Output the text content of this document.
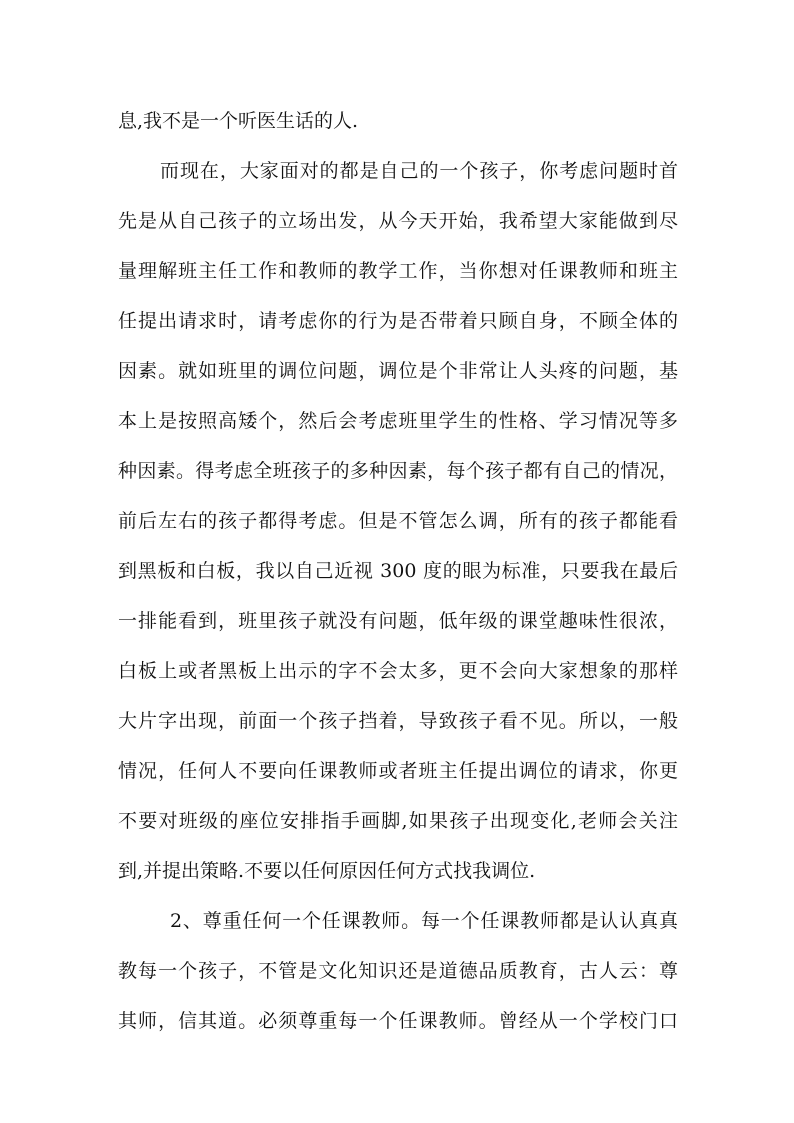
息,我不是一个听医生话的人.
而现在，大家面对的都是自己的一个孩子，你考虑问题时首
先是从自己孩子的立场出发，从今天开始，我希望大家能做到尽
量理解班主任工作和教师的教学工作，当你想对任课教师和班主
任提出请求时，请考虑你的行为是否带着只顾自身，不顾全体的
因素。就如班里的调位问题，调位是个非常让人头疼的问题，基
本上是按照高矮个，然后会考虑班里学生的性格、学习情况等多
种因素。得考虑全班孩子的多种因素，每个孩子都有自己的情况，
前后左右的孩子都得考虑。但是不管怎么调，所有的孩子都能看
到黑板和白板，我以自己近视 300 度的眼为标准，只要我在最后
一排能看到，班里孩子就没有问题，低年级的课堂趣味性很浓，
白板上或者黑板上出示的字不会太多，更不会向大家想象的那样
大片字出现，前面一个孩子挡着，导致孩子看不见。所以，一般
情况，任何人不要向任课教师或者班主任提出调位的请求，你更
不要对班级的座位安排指手画脚,如果孩子出现变化,老师会关注
到,并提出策略.不要以任何原因任何方式找我调位.
2、尊重任何一个任课教师。每一个任课教师都是认认真真
教每一个孩子，不管是文化知识还是道德品质教育，古人云：尊
其师，信其道。必须尊重每一个任课教师。曾经从一个学校门口
